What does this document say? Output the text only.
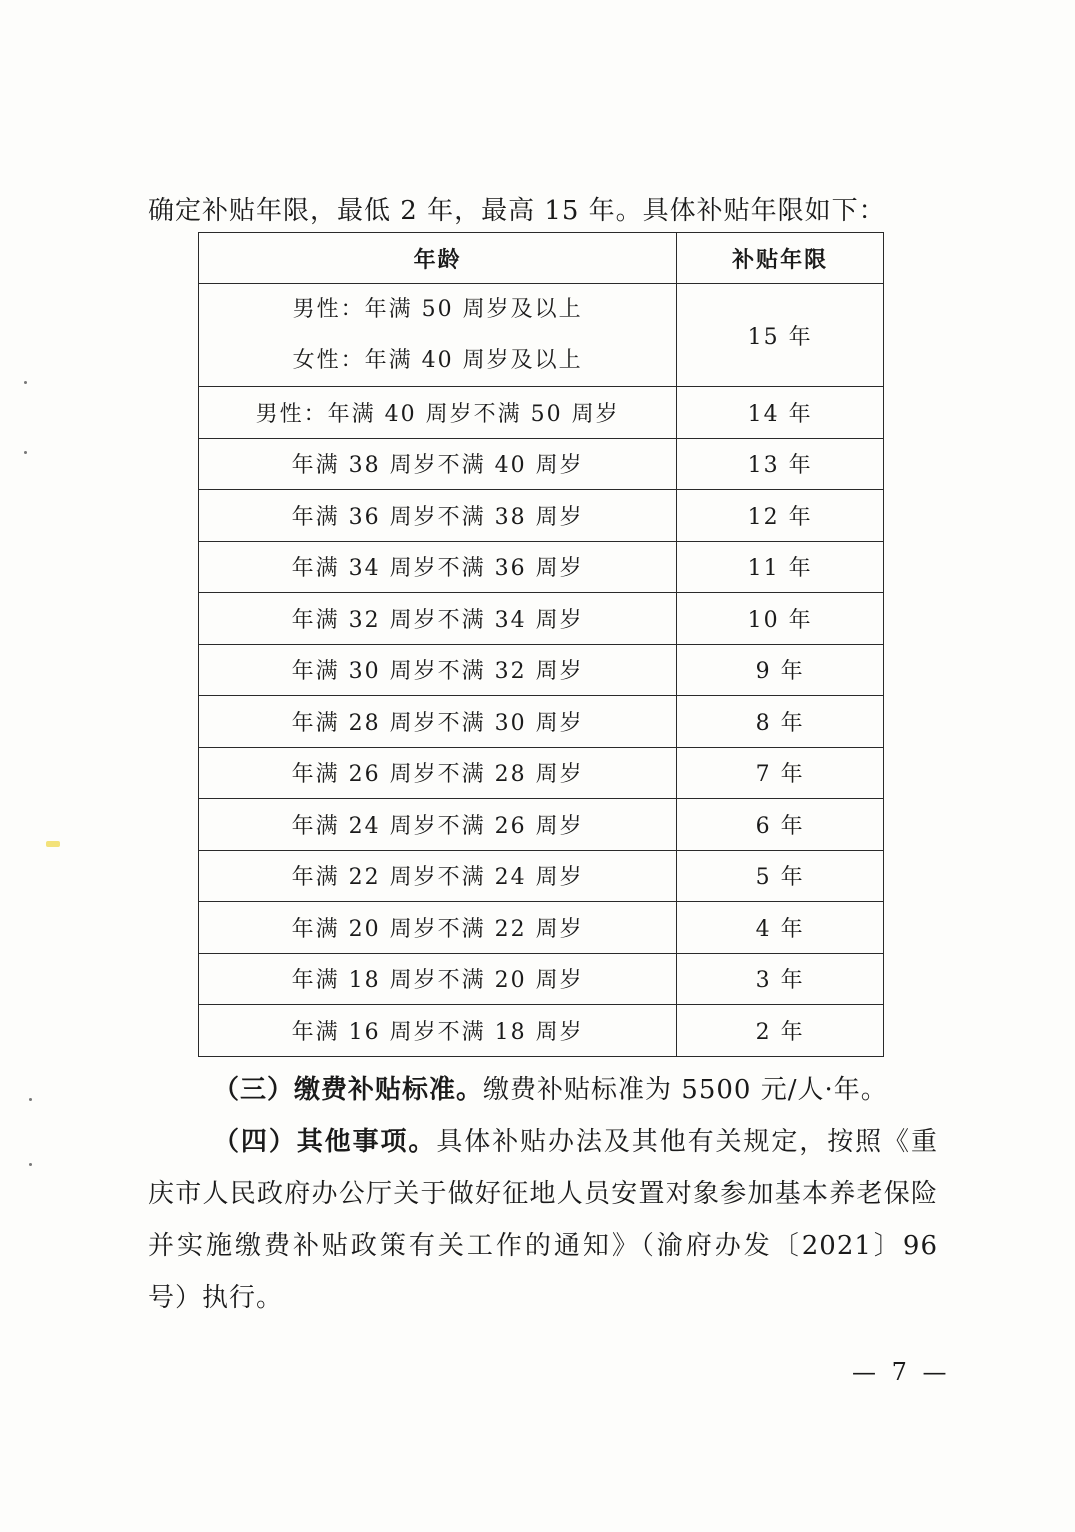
确定补贴年限，最低 2 年，最高 15 年。具体补贴年限如下：
年龄	补贴年限

男性：年满 50 周岁及以上
女性：年满 40 周岁及以上	15 年
男性：年满 40 周岁不满 50 周岁	14 年
年满 38 周岁不满 40 周岁	13 年
年满 36 周岁不满 38 周岁	12 年
年满 34 周岁不满 36 周岁	11 年
年满 32 周岁不满 34 周岁	10 年
年满 30 周岁不满 32 周岁	9 年
年满 28 周岁不满 30 周岁	8 年
年满 26 周岁不满 28 周岁	7 年
年满 24 周岁不满 26 周岁	6 年
年满 22 周岁不满 24 周岁	5 年
年满 20 周岁不满 22 周岁	4 年
年满 18 周岁不满 20 周岁	3 年
年满 16 周岁不满 18 周岁	2 年
（三）缴费补贴标准。缴费补贴标准为 5500 元/人·年。
（四）其他事项。具体补贴办法及其他有关规定，按照《重庆市人民政府办公厅关于做好征地人员安置对象参加基本养老保险并实施缴费补贴政策有关工作的通知》（渝府办发〔2021〕96 号）执行。
— 7 —
